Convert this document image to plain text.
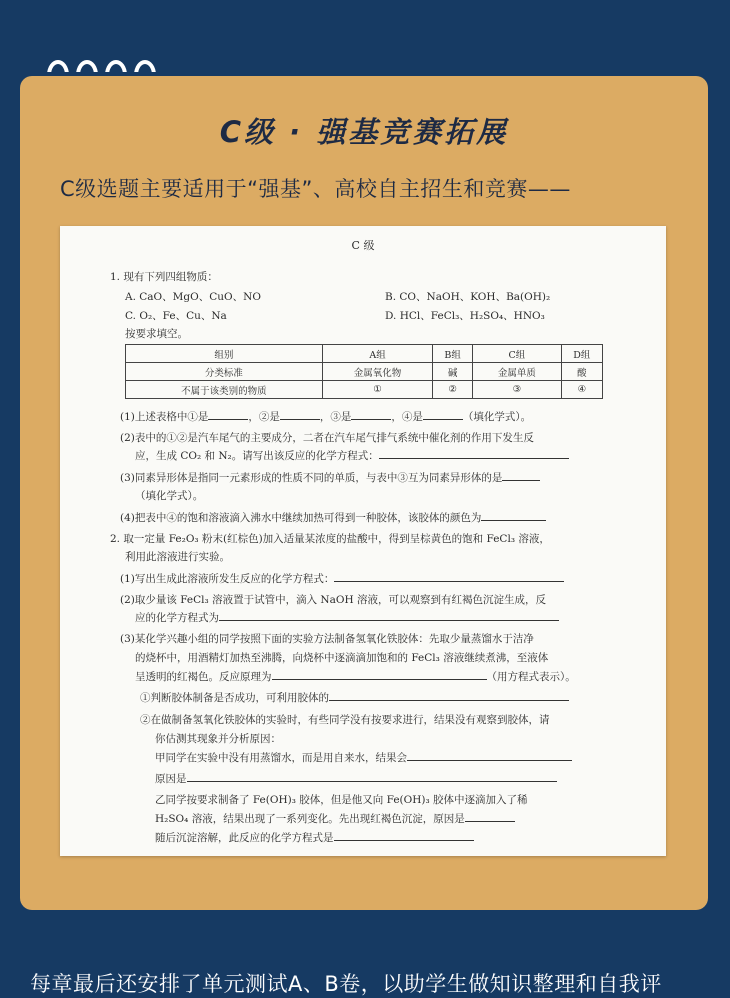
C级 · 强基竞赛拓展
C级选题主要适用于“强基”、高校自主招生和竞赛——
C 级
1. 现有下列四组物质：
A. CaO、MgO、CuO、NO	B. CO、NaOH、KOH、Ba(OH)₂
C. O₂、Fe、Cu、Na	D. HCl、FeCl₃、H₂SO₄、HNO₃
按要求填空。
组别	A组	B组	C组	D组
分类标准	金属氧化物	碱	金属单质	酸
不属于该类别的物质	①	②	③	④
(1)上述表格中①是	，②是	，③是	，④是	（填化学式）。
(2)表中的①②是汽车尾气的主要成分，二者在汽车尾气排气系统中催化剂的作用下发生反
应，生成 CO₂ 和 N₂。请写出该反应的化学方程式：
(3)同素异形体是指同一元素形成的性质不同的单质，与表中③互为同素异形体的是
（填化学式）。
(4)把表中④的饱和溶液滴入沸水中继续加热可得到一种胶体，该胶体的颜色为
2. 取一定量 Fe₂O₃ 粉末(红棕色)加入适量某浓度的盐酸中，得到呈棕黄色的饱和 FeCl₃ 溶液，
利用此溶液进行实验。
(1)写出生成此溶液所发生反应的化学方程式：
(2)取少量该 FeCl₃ 溶液置于试管中，滴入 NaOH 溶液，可以观察到有红褐色沉淀生成，反
应的化学方程式为
(3)某化学兴趣小组的同学按照下面的实验方法制备氢氧化铁胶体：先取少量蒸馏水于洁净
的烧杯中，用酒精灯加热至沸腾，向烧杯中逐滴滴加饱和的 FeCl₃ 溶液继续煮沸，至液体
呈透明的红褐色。反应原理为	（用方程式表示）。
①判断胶体制备是否成功，可利用胶体的
②在做制备氢氧化铁胶体的实验时，有些同学没有按要求进行，结果没有观察到胶体，请
你估测其现象并分析原因：
甲同学在实验中没有用蒸馏水，而是用自来水，结果会
原因是
乙同学按要求制备了 Fe(OH)₃ 胶体，但是他又向 Fe(OH)₃ 胶体中逐滴加入了稀
H₂SO₄ 溶液，结果出现了一系列变化。先出现红褐色沉淀，原因是
随后沉淀溶解，此反应的化学方程式是
每章最后还安排了单元测试A、B卷，以助学生做知识整理和自我评
